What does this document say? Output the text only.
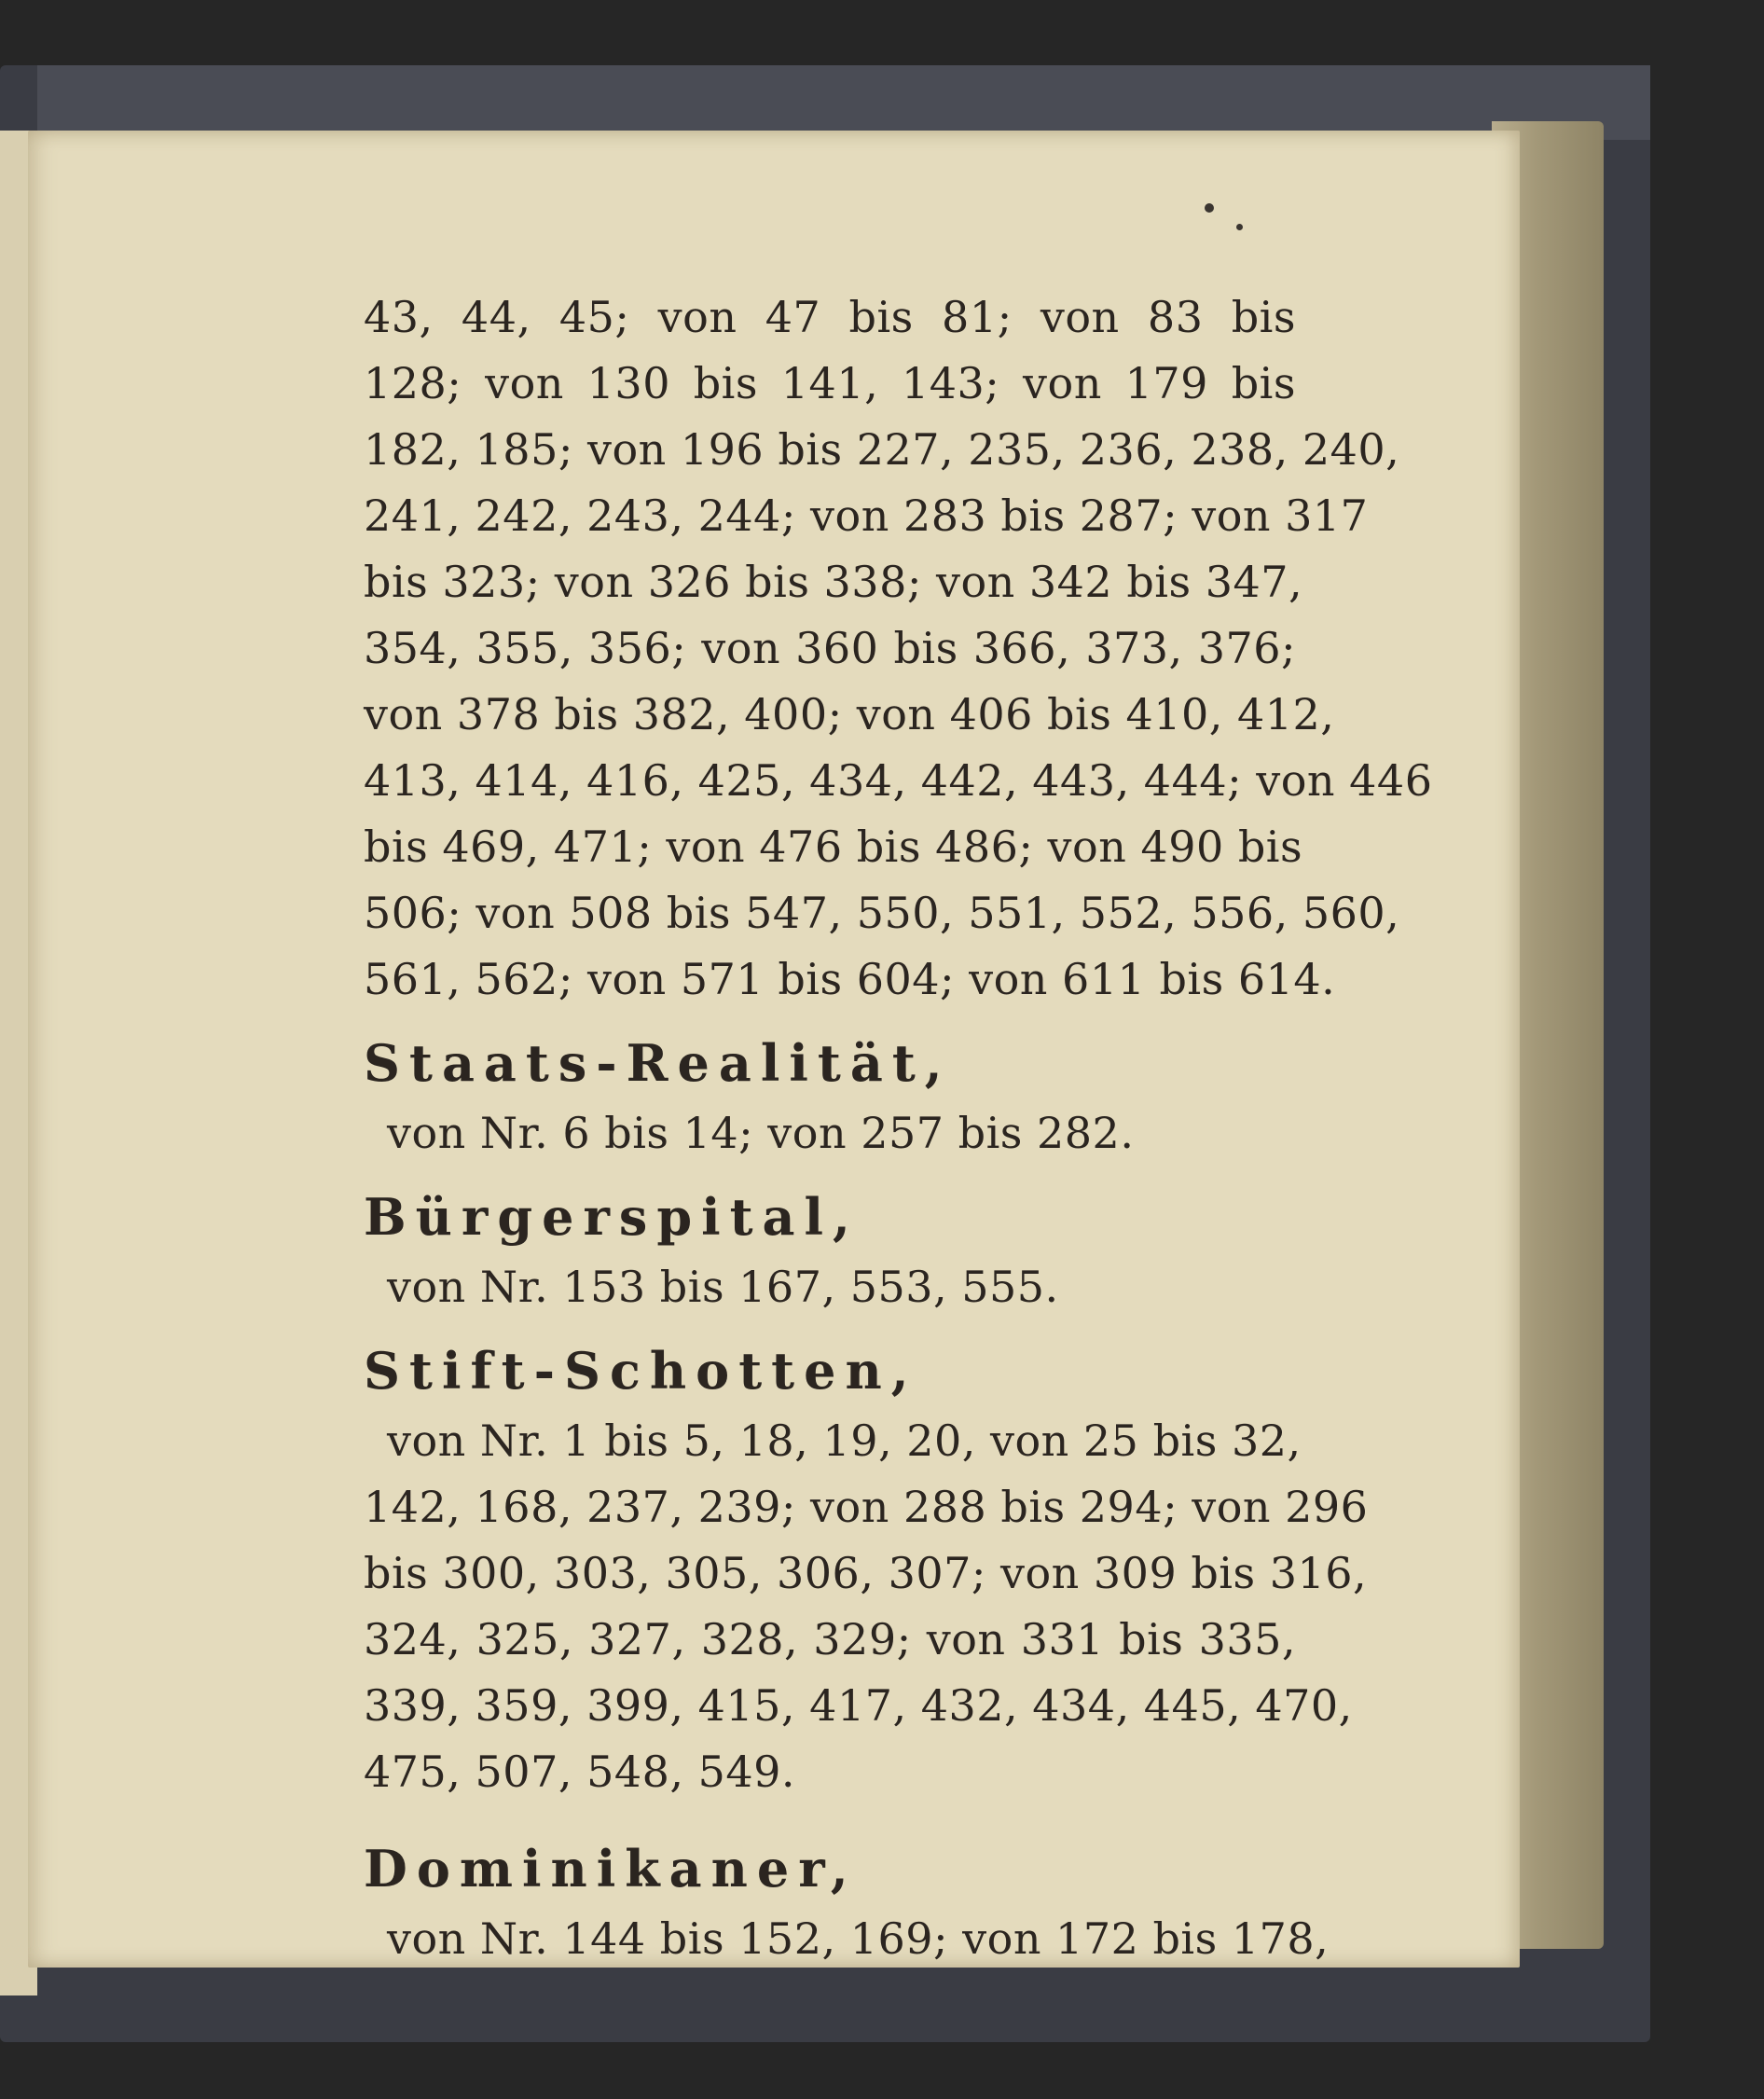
43, 44, 45; von 47 bis 81; von 83 bis
128; von 130 bis 141, 143; von 179 bis
182, 185; von 196 bis 227, 235, 236, 238, 240,
241, 242, 243, 244; von 283 bis 287; von 317
bis 323; von 326 bis 338; von 342 bis 347,
354, 355, 356; von 360 bis 366, 373, 376;
von 378 bis 382, 400; von 406 bis 410, 412,
413, 414, 416, 425, 434, 442, 443, 444; von 446
bis 469, 471; von 476 bis 486; von 490 bis
506; von 508 bis 547, 550, 551, 552, 556, 560,
561, 562; von 571 bis 604; von 611 bis 614.
Staats-Realität,
von Nr. 6 bis 14; von 257 bis 282.
Bürgerspital,
von Nr. 153 bis 167, 553, 555.
Stift-Schotten,
von Nr. 1 bis 5, 18, 19, 20, von 25 bis 32,
142, 168, 237, 239; von 288 bis 294; von 296
bis 300, 303, 305, 306, 307; von 309 bis 316,
324, 325, 327, 328, 329; von 331 bis 335,
339, 359, 399, 415, 417, 432, 434, 445, 470,
475, 507, 548, 549.
Dominikaner,
von Nr. 144 bis 152, 169; von 172 bis 178,
